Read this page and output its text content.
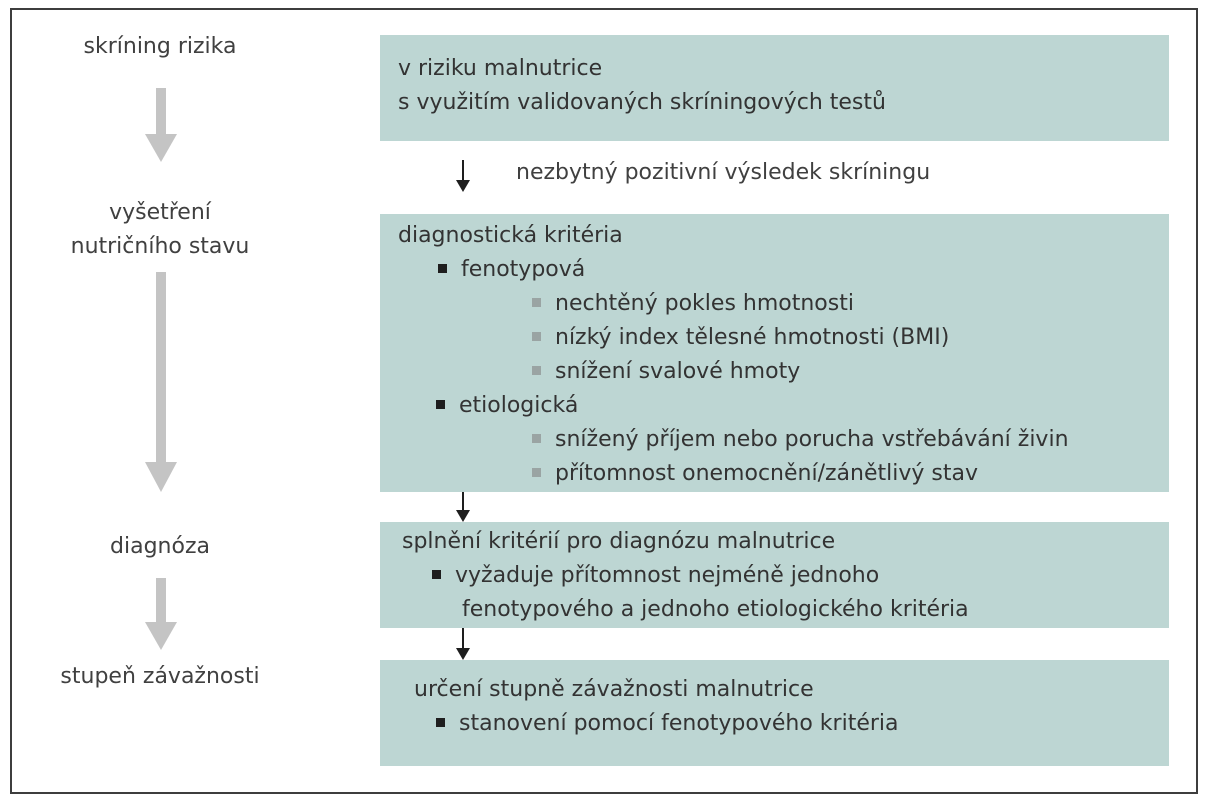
skríning rizika
vyšetření
nutričního stavu
diagnóza
stupeň závažnosti
v riziku malnutrice
s využitím validovaných skríningových testů
nezbytný pozitivní výsledek skríningu
diagnostická kritéria
fenotypová
nechtěný pokles hmotnosti
nízký index tělesné hmotnosti (BMI)
snížení svalové hmoty
etiologická
snížený příjem nebo porucha vstřebávání živin
přítomnost onemocnění/zánětlivý stav
splnění kritérií pro diagnózu malnutrice
vyžaduje přítomnost nejméně jednoho
fenotypového a jednoho etiologického kritéria
určení stupně závažnosti malnutrice
stanovení pomocí fenotypového kritéria
